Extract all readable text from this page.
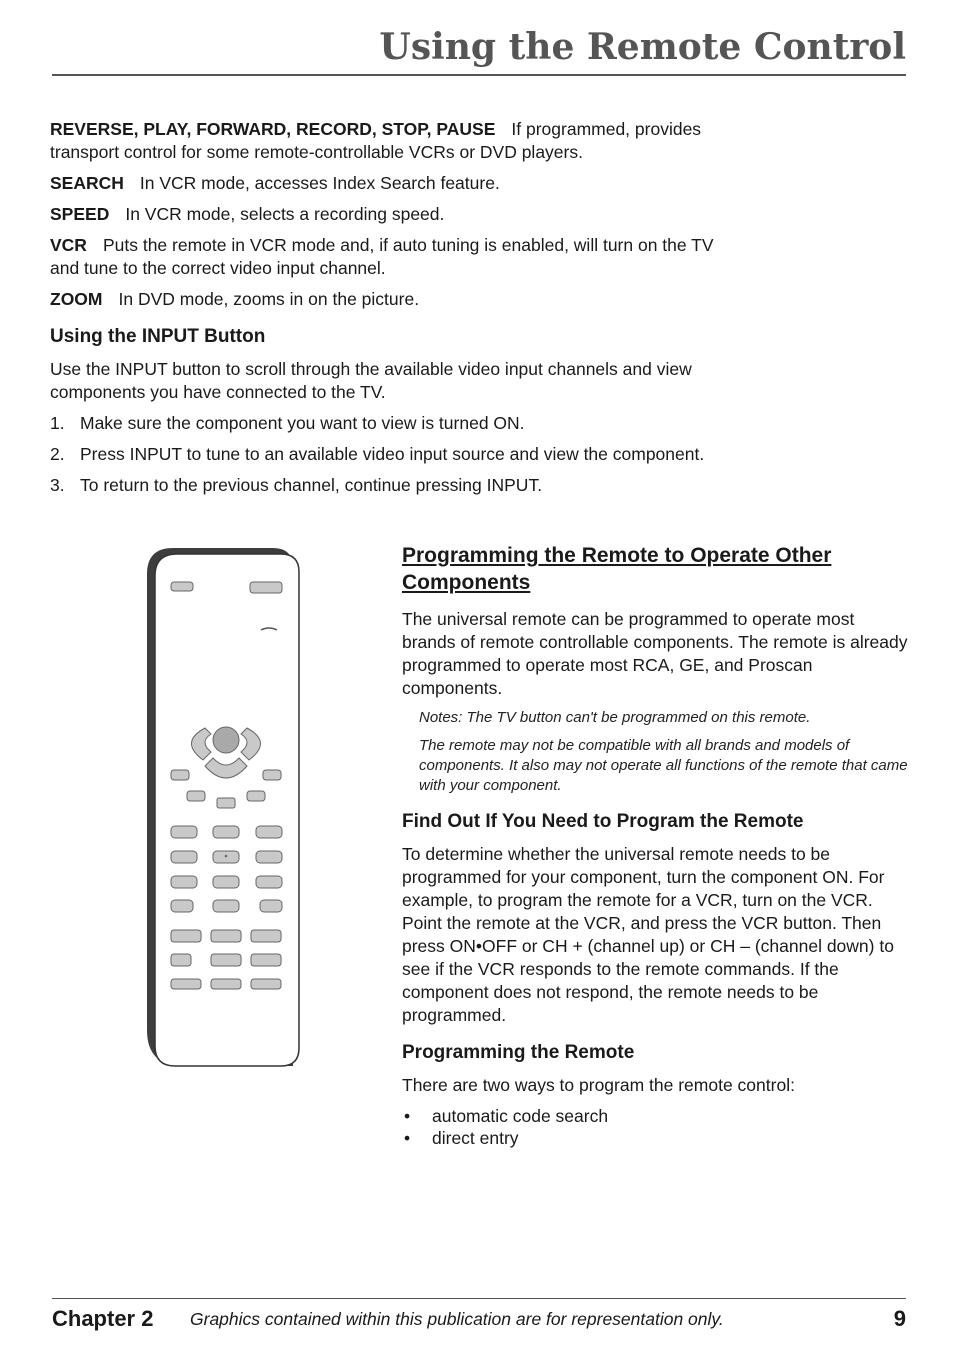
Using the Remote Control

REVERSE, PLAY, FORWARD, RECORD, STOP, PAUSE If programmed, provides transport control for some remote-controllable VCRs or DVD players.

SEARCH In VCR mode, accesses Index Search feature.

SPEED In VCR mode, selects a recording speed.

VCR Puts the remote in VCR mode and, if auto tuning is enabled, will turn on the TV and tune to the correct video input channel.

ZOOM In DVD mode, zooms in on the picture.

Using the INPUT Button

Use the INPUT button to scroll through the available video input channels and view components you have connected to the TV.

1. Make sure the component you want to view is turned ON.
2. Press INPUT to tune to an available video input source and view the component.
3. To return to the previous channel, continue pressing INPUT.
Programming the Remote to Operate Other Components

The universal remote can be programmed to operate most brands of remote controllable components. The remote is already programmed to operate most RCA, GE, and Proscan components.

Notes: The TV button can't be programmed on this remote.

The remote may not be compatible with all brands and models of components. It also may not operate all functions of the remote that came with your component.

Find Out If You Need to Program the Remote

To determine whether the universal remote needs to be programmed for your component, turn the component ON. For example, to program the remote for a VCR, turn on the VCR. Point the remote at the VCR, and press the VCR button. Then press ON•OFF or CH + (channel up) or CH – (channel down) to see if the VCR responds to the remote commands. If the component does not respond, the remote needs to be programmed.

Programming the Remote

There are two ways to program the remote control:

• automatic code search
• direct entry
Chapter 2 Graphics contained within this publication are for representation only.	9
